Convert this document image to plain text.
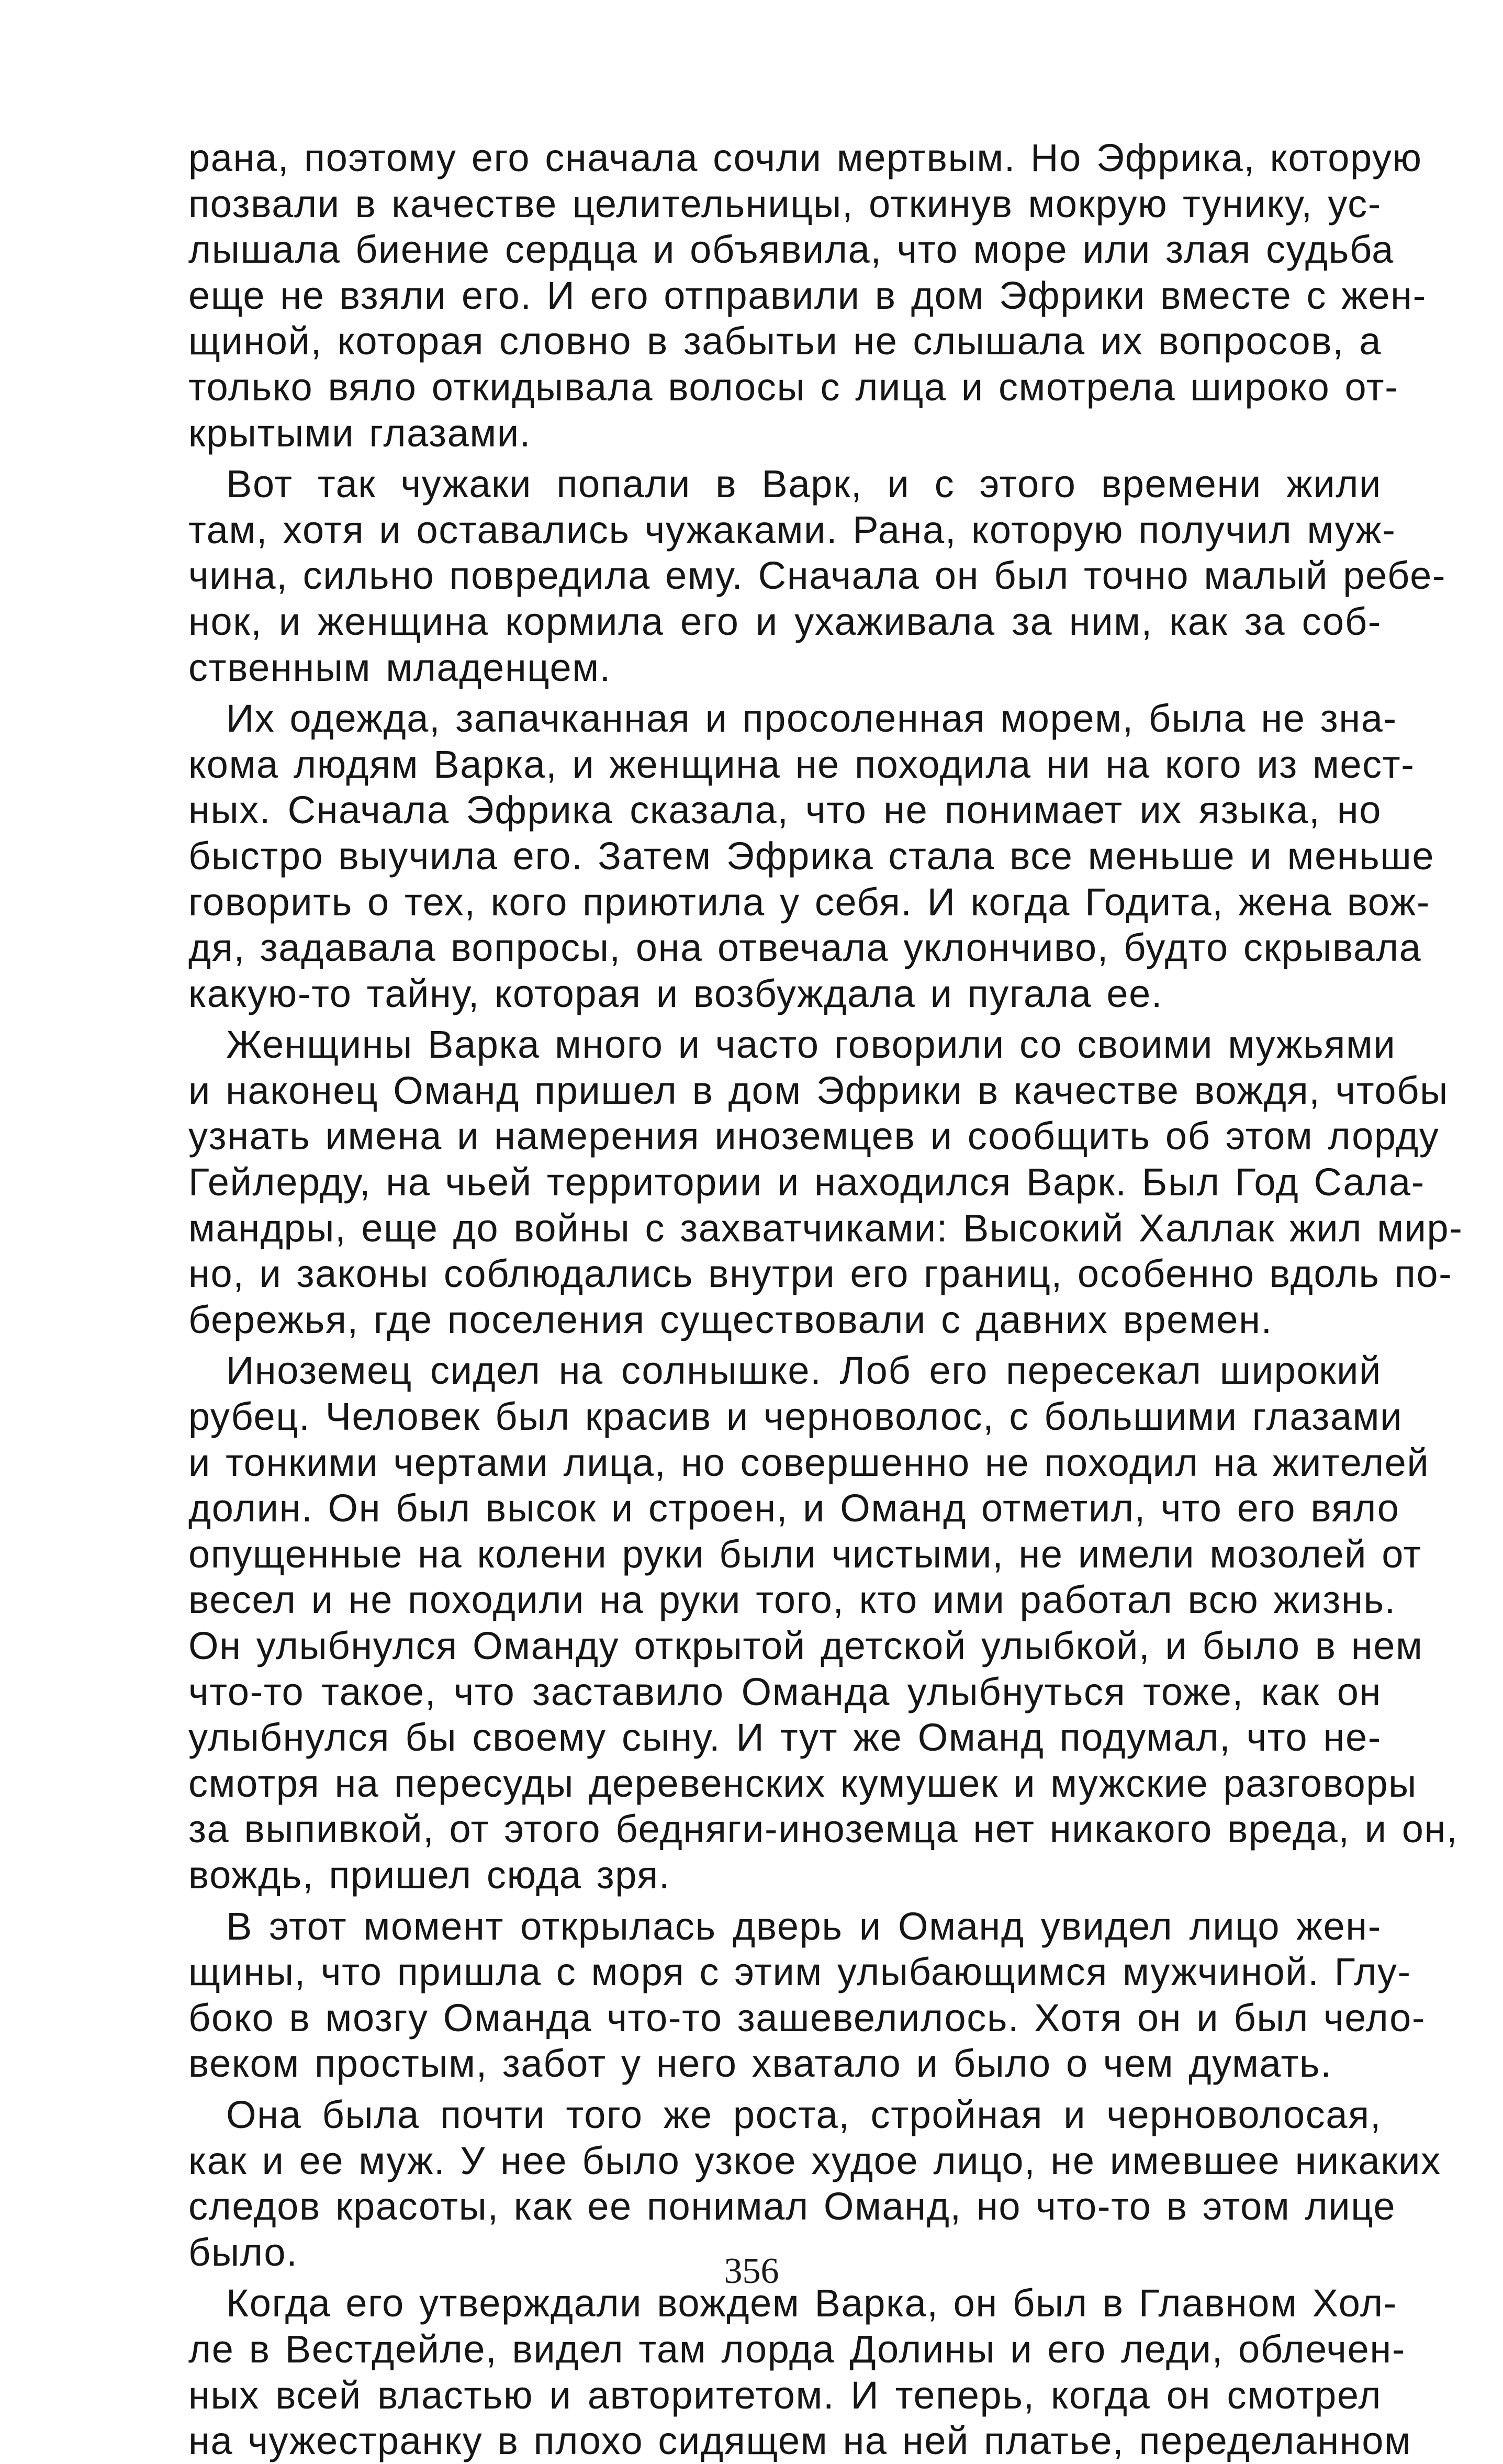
рана, поэтому его сначала сочли мертвым. Но Эфрика, которую
позвали в качестве целительницы, откинув мокрую тунику, ус-
лышала биение сердца и объявила, что море или злая судьба
еще не взяли его. И его отправили в дом Эфрики вместе с жен-
щиной, которая словно в забытьи не слышала их вопросов, а
только вяло откидывала волосы с лица и смотрела широко от-
крытыми глазами.
Вот так чужаки попали в Варк, и с этого времени жили
там, хотя и оставались чужаками. Рана, которую получил муж-
чина, сильно повредила ему. Сначала он был точно малый ребе-
нок, и женщина кормила его и ухаживала за ним, как за соб-
ственным младенцем.
Их одежда, запачканная и просоленная морем, была не зна-
кома людям Варка, и женщина не походила ни на кого из мест-
ных. Сначала Эфрика сказала, что не понимает их языка, но
быстро выучила его. Затем Эфрика стала все меньше и меньше
говорить о тех, кого приютила у себя. И когда Годита, жена вож-
дя, задавала вопросы, она отвечала уклончиво, будто скрывала
какую-то тайну, которая и возбуждала и пугала ее.
Женщины Варка много и часто говорили со своими мужьями
и наконец Оманд пришел в дом Эфрики в качестве вождя, чтобы
узнать имена и намерения иноземцев и сообщить об этом лорду
Гейлерду, на чьей территории и находился Варк. Был Год Сала-
мандры, еще до войны с захватчиками: Высокий Халлак жил мир-
но, и законы соблюдались внутри его границ, особенно вдоль по-
бережья, где поселения существовали с давних времен.
Иноземец сидел на солнышке. Лоб его пересекал широкий
рубец. Человек был красив и черноволос, с большими глазами
и тонкими чертами лица, но совершенно не походил на жителей
долин. Он был высок и строен, и Оманд отметил, что его вяло
опущенные на колени руки были чистыми, не имели мозолей от
весел и не походили на руки того, кто ими работал всю жизнь.
Он улыбнулся Оманду открытой детской улыбкой, и было в нем
что-то такое, что заставило Оманда улыбнуться тоже, как он
улыбнулся бы своему сыну. И тут же Оманд подумал, что не-
смотря на пересуды деревенских кумушек и мужские разговоры
за выпивкой, от этого бедняги-иноземца нет никакого вреда, и он,
вождь, пришел сюда зря.
В этот момент открылась дверь и Оманд увидел лицо жен-
щины, что пришла с моря с этим улыбающимся мужчиной. Глу-
боко в мозгу Оманда что-то зашевелилось. Хотя он и был чело-
веком простым, забот у него хватало и было о чем думать.
Она была почти того же роста, стройная и черноволосая,
как и ее муж. У нее было узкое худое лицо, не имевшее никаких
следов красоты, как ее понимал Оманд, но что-то в этом лице
было.
Когда его утверждали вождем Варка, он был в Главном Хол-
ле в Вестдейле, видел там лорда Долины и его леди, облечен-
ных всей властью и авторитетом. И теперь, когда он смотрел
на чужестранку в плохо сидящем на ней платье, переделанном
356
